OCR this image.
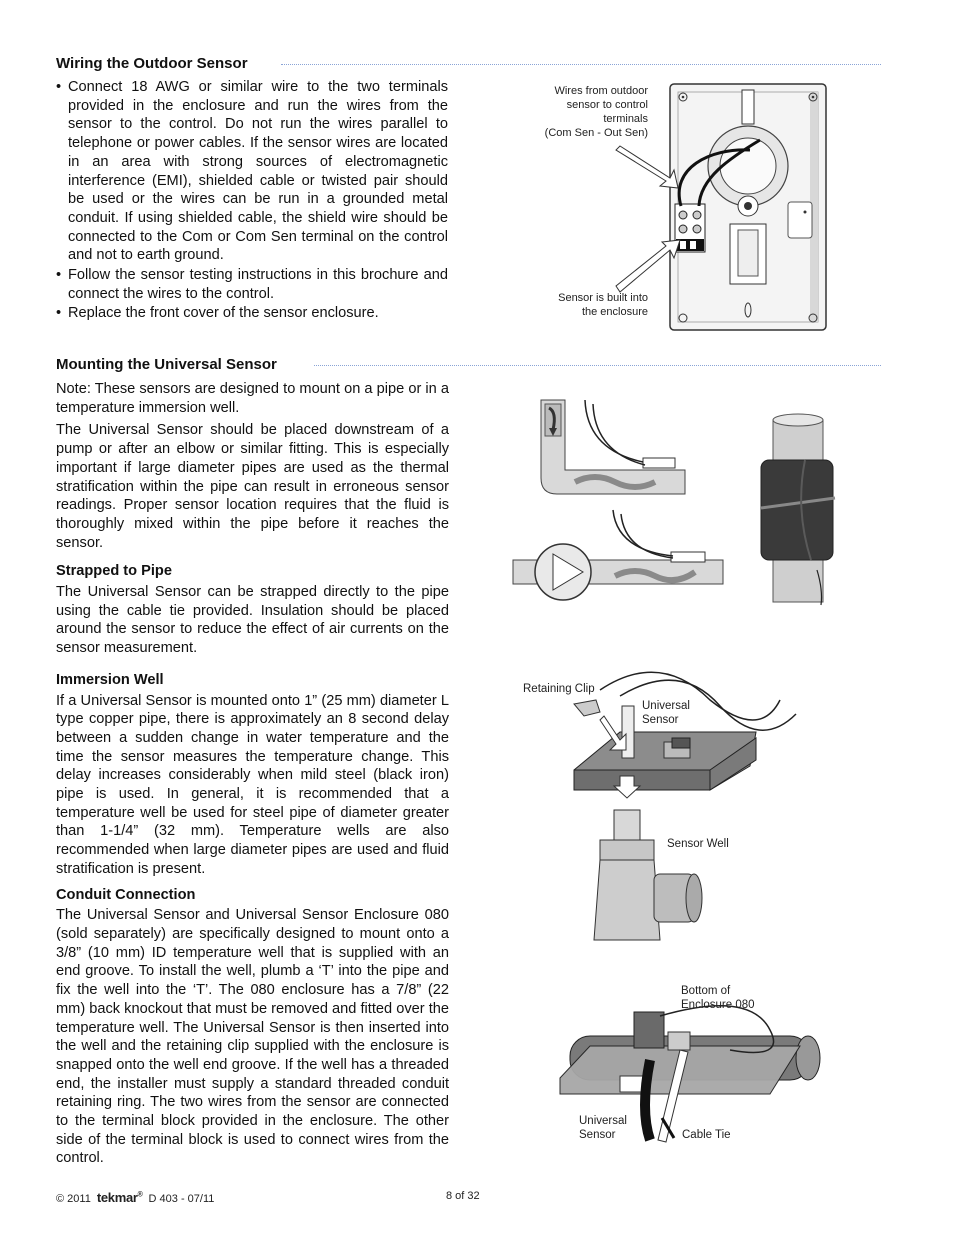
Wiring the Outdoor Sensor
• Connect 18 AWG or similar wire to the two terminals provided in the enclosure and run the wires from the sensor to the control. Do not run the wires parallel to telephone or power cables. If the sensor wires are located in an area with strong sources of electromagnetic interference (EMI), shielded cable or twisted pair should be used or the wires can be run in a grounded metal conduit. If using shielded cable, the shield wire should be connected to the Com or Com Sen terminal on the control and not to earth ground.
• Follow the sensor testing instructions in this brochure and connect the wires to the control.
• Replace the front cover of the sensor enclosure.
Wires from outdoor
sensor to control
terminals
(Com Sen - Out Sen)
Sensor is built into
the enclosure
Mounting the Universal Sensor

Note: These sensors are designed to mount on a pipe or in a temperature immersion well.

The Universal Sensor should be placed downstream of a pump or after an elbow or similar fitting. This is especially important if large diameter pipes are used as the thermal stratification within the pipe can result in erroneous sensor readings. Proper sensor location requires that the fluid is thoroughly mixed within the pipe before it reaches the sensor.

Strapped to Pipe

The Universal Sensor can be strapped directly to the pipe using the cable tie provided. Insulation should be placed around the sensor to reduce the effect of air currents on the sensor measurement.

Immersion Well

If a Universal Sensor is mounted onto 1” (25 mm) diameter L type copper pipe, there is approximately an 8 second delay between a sudden change in water temperature and the time the sensor measures the temperature change. This delay increases considerably when mild steel (black iron) pipe is used. In general, it is recommended that a temperature well be used for steel pipe of diameter greater than 1-1/4” (32 mm). Temperature wells are also recommended when large diameter pipes are used and fluid stratification is present.

Conduit Connection

The Universal Sensor and Universal Sensor Enclosure 080 (sold separately) are specifically designed to mount onto a 3/8” (10 mm) ID temperature well that is supplied with an end groove. To install the well, plumb a ‘T’ into the pipe and fix the well into the ‘T’. The 080 enclosure has a 7/8” (22 mm) back knockout that must be removed and fitted over the temperature well. The Universal Sensor is then inserted into the well and the retaining clip supplied with the enclosure is snapped onto the well end groove. If the well has a threaded end, the installer must supply a standard threaded conduit retaining ring. The two wires from the sensor are connected to the terminal block provided in the enclosure. The other side of the terminal block is used to connect wires from the control.

Retaining Clip
Universal
Sensor
Sensor Well
Bottom of
Enclosure 080
Universal
Sensor	Cable Tie
© 2011 tekmar® D 403 - 07/11	8 of 32
